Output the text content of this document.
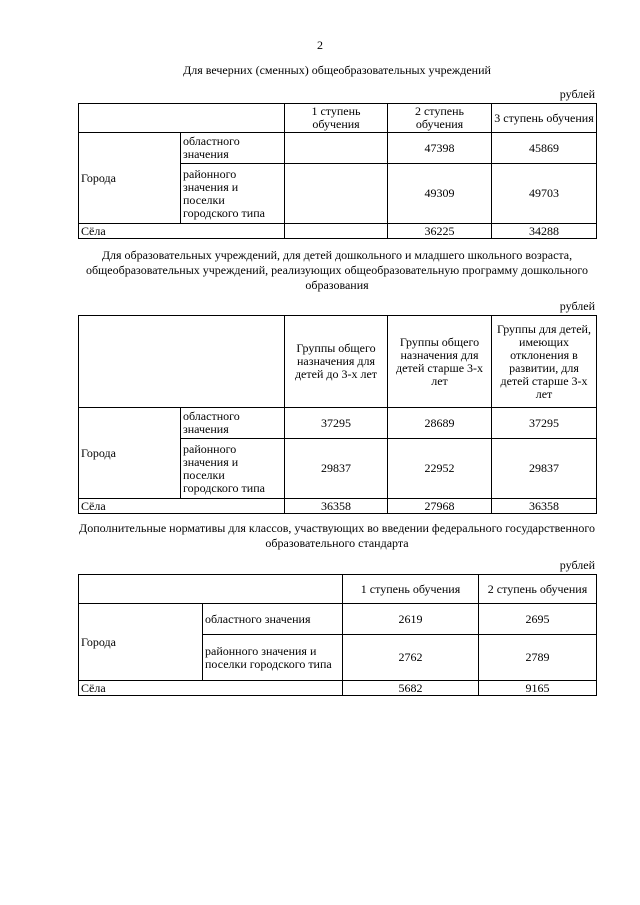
2
Для вечерних (сменных) общеобразовательных учреждений
рублей
		1 ступень обучения	2 ступень обучения	3 ступень обучения
Города	областного значения		47398	45869
	районного значения и поселки городского типа		49309	49703
Сёла			36225	34288
Для образовательных учреждений, для детей дошкольного и младшего школьного возраста, общеобразовательных учреждений, реализующих общеобразовательную программу дошкольного образования
рублей
		Группы общего назначения для детей до 3-х лет	Группы общего назначения для детей старше 3-х лет	Группы для детей, имеющих отклонения в развитии, для детей старше 3-х лет
Города	областного значения	37295	28689	37295
	районного значения и поселки городского типа	29837	22952	29837
Сёла		36358	27968	36358
Дополнительные нормативы для классов, участвующих во введении федерального государственного образовательного стандарта
рублей
		1 ступень обучения	2 ступень обучения
Города	областного значения	2619	2695
	районного значения и поселки городского типа	2762	2789
Сёла		5682	9165
